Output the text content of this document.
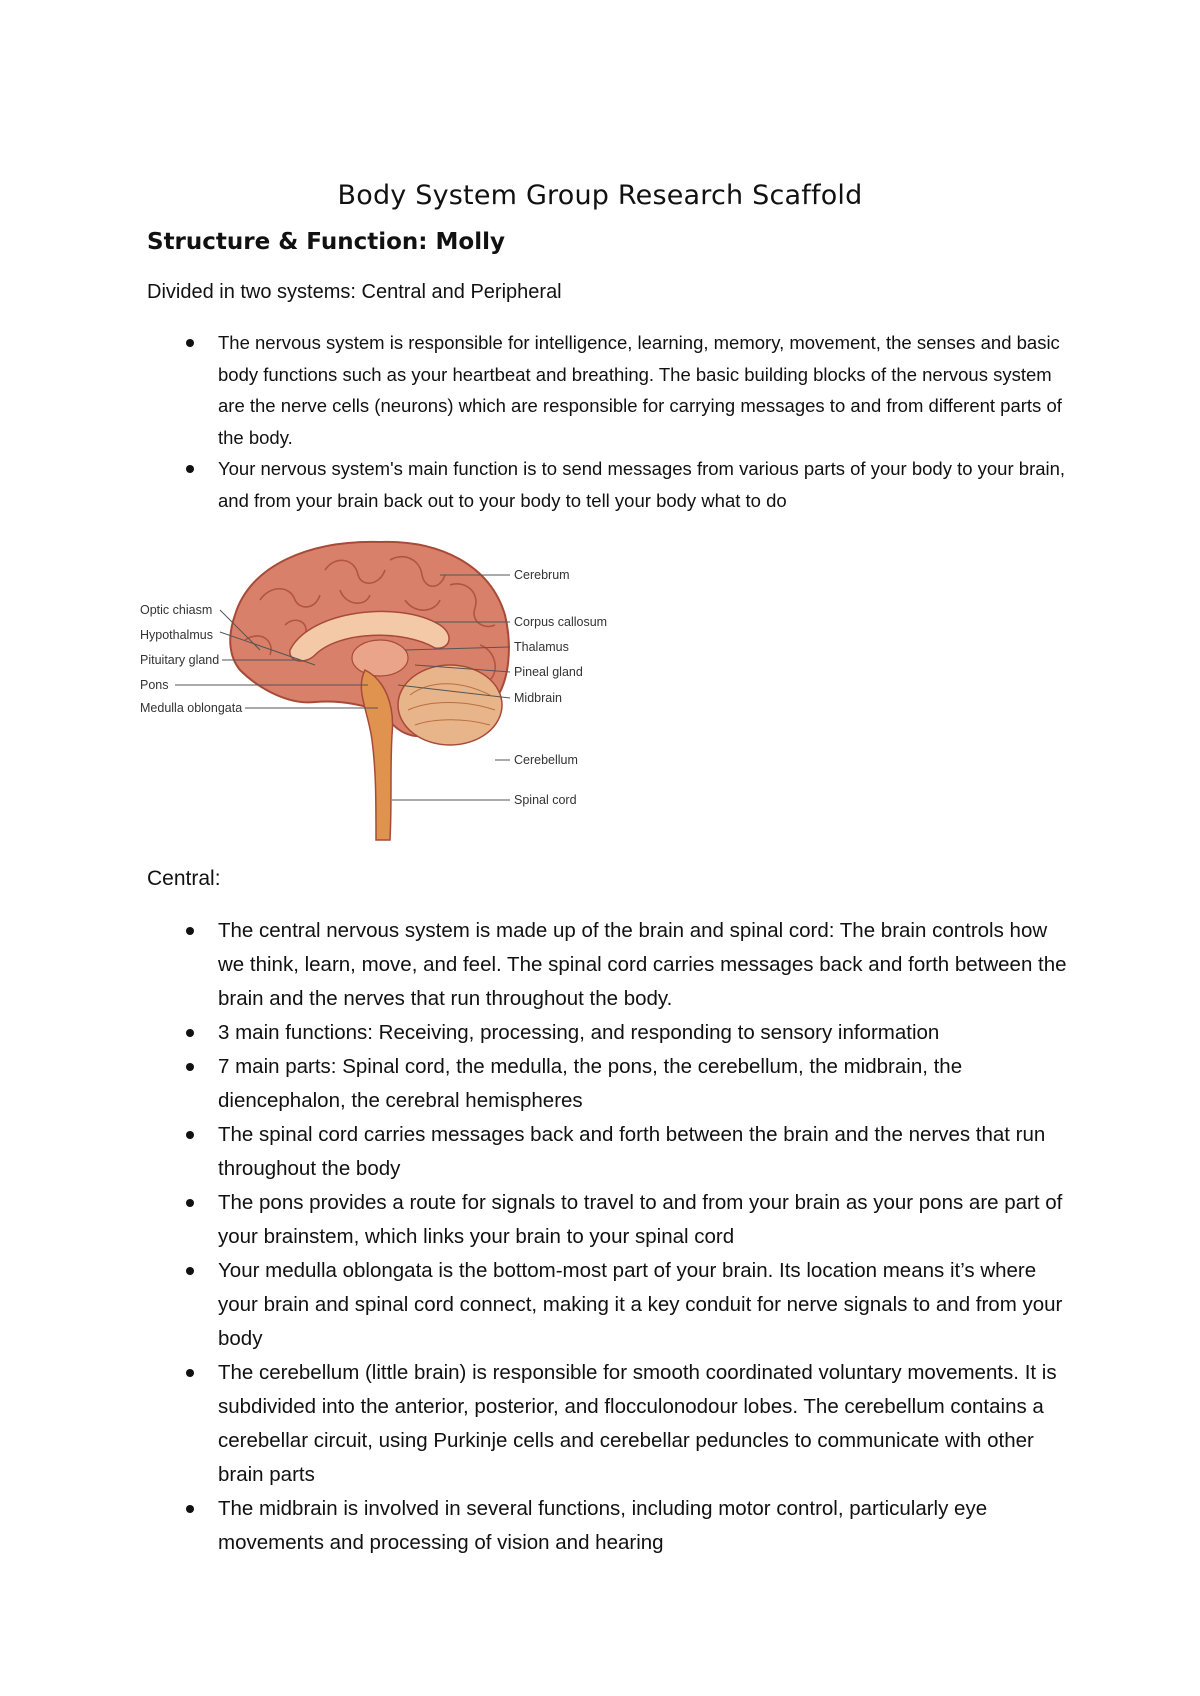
Body System Group Research Scaffold
Structure & Function: Molly
Divided in two systems: Central and Peripheral
The nervous system is responsible for intelligence, learning, memory, movement, the senses and basic body functions such as your heartbeat and breathing. The basic building blocks of the nervous system are the nerve cells (neurons) which are responsible for carrying messages to and from different parts of the body.
Your nervous system's main function is to send messages from various parts of your body to your brain, and from your brain back out to your body to tell your body what to do
Cerebrum
Corpus callosum
Thalamus
Pineal gland
Midbrain
Cerebellum
Spinal cord
Optic chiasm
Hypothalmus
Pituitary gland
Pons
Medulla oblongata
Central:
The central nervous system is made up of the brain and spinal cord: The brain controls how we think, learn, move, and feel. The spinal cord carries messages back and forth between the brain and the nerves that run throughout the body.
3 main functions: Receiving, processing, and responding to sensory information
7 main parts: Spinal cord, the medulla, the pons, the cerebellum, the midbrain, the diencephalon, the cerebral hemispheres
The spinal cord carries messages back and forth between the brain and the nerves that run throughout the body
The pons provides a route for signals to travel to and from your brain as your pons are part of your brainstem, which links your brain to your spinal cord
Your medulla oblongata is the bottom-most part of your brain. Its location means it’s where your brain and spinal cord connect, making it a key conduit for nerve signals to and from your body
The cerebellum (little brain) is responsible for smooth coordinated voluntary movements. It is subdivided into the anterior, posterior, and flocculonodour lobes. The cerebellum contains a cerebellar circuit, using Purkinje cells and cerebellar peduncles to communicate with other brain parts
The midbrain is involved in several functions, including motor control, particularly eye movements and processing of vision and hearing
